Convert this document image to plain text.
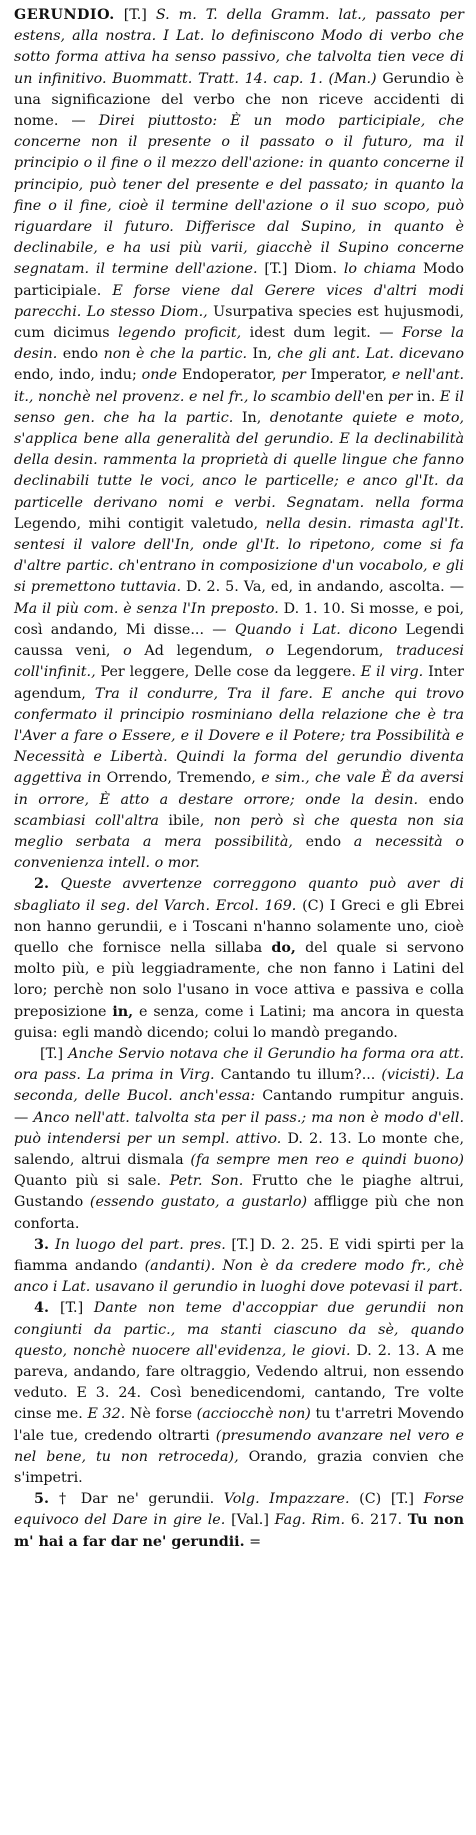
GERUNDIO. [T.] S. m. T. della Gramm. lat., passato per estens, alla nostra. I Lat. lo definiscono Modo di verbo che sotto forma attiva ha senso passivo, che talvolta tien vece di un infinitivo. Buommatt. Tratt. 14. cap. 1. (Man.) Gerundio è una significazione del verbo che non riceve accidenti di nome. — Direi piuttosto: È un modo participiale, che concerne non il presente o il passato o il futuro, ma il principio o il fine o il mezzo dell'azione: in quanto concerne il principio, può tener del presente e del passato; in quanto la fine o il fine, cioè il termine dell'azione o il suo scopo, può riguardare il futuro. Differisce dal Supino, in quanto è declinabile, e ha usi più varii, giacchè il Supino concerne segnatam. il termine dell'azione. [T.] Diom. lo chiama Modo participiale. E forse viene dal Gerere vices d'altri modi parecchi. Lo stesso Diom., Usurpativa species est hujusmodi, cum dicimus legendo proficit, idest dum legit. — Forse la desin. endo non è che la partic. In, che gli ant. Lat. dicevano endo, indo, indu; onde Endoperator, per Imperator, e nell'ant. it., nonchè nel provenz. e nel fr., lo scambio dell'en per in. E il senso gen. che ha la partic. In, denotante quiete e moto, s'applica bene alla generalità del gerundio. E la declinabilità della desin. rammenta la proprietà di quelle lingue che fanno declinabili tutte le voci, anco le particelle; e anco gl'It. da particelle derivano nomi e verbi. Segnatam. nella forma Legendo, mihi contigit valetudo, nella desin. rimasta agl'It. sentesi il valore dell'In, onde gl'It. lo ripetono, come si fa d'altre partic. ch'entrano in composizione d'un vocabolo, e gli si premettono tuttavia. D. 2. 5. Va, ed, in andando, ascolta. — Ma il più com. è senza l'In preposto. D. 1. 10. Si mosse, e poi, così andando, Mi disse... — Quando i Lat. dicono Legendi caussa veni, o Ad legendum, o Legendorum, traducesi coll'infinit., Per leggere, Delle cose da leggere. E il virg. Inter agendum, Tra il condurre, Tra il fare. E anche qui trovo confermato il principio rosminiano della relazione che è tra l'Aver a fare o Essere, e il Dovere e il Potere; tra Possibilità e Necessità e Libertà. Quindi la forma del gerundio diventa aggettiva in Orrendo, Tremendo, e sim., che vale È da aversi in orrore, È atto a destare orrore; onde la desin. endo scambiasi coll'altra ibile, non però sì che questa non sia meglio serbata a mera possibilità, endo a necessità o convenienza intell. o mor.

2. Queste avvertenze correggono quanto può aver di sbagliato il seg. del Varch. Ercol. 169. (C) I Greci e gli Ebrei non hanno gerundii, e i Toscani n'hanno solamente uno, cioè quello che fornisce nella sillaba do, del quale si servono molto più, e più leggiadramente, che non fanno i Latini del loro; perchè non solo l'usano in voce attiva e passiva e colla preposizione in, e senza, come i Latini; ma ancora in questa guisa: egli mandò dicendo; colui lo mandò pregando.

[T.] Anche Servio notava che il Gerundio ha forma ora att. ora pass. La prima in Virg. Cantando tu illum?... (vicisti). La seconda, delle Bucol. anch'essa: Cantando rumpitur anguis. — Anco nell'att. talvolta sta per il pass.; ma non è modo d'ell. può intendersi per un sempl. attivo. D. 2. 13. Lo monte che, salendo, altrui dismala (fa sempre men reo e quindi buono) Quanto più si sale. Petr. Son. Frutto che le piaghe altrui, Gustando (essendo gustato, a gustarlo) affligge più che non conforta.

3. In luogo del part. pres. [T.] D. 2. 25. E vidi spirti per la fiamma andando (andanti). Non è da credere modo fr., chè anco i Lat. usavano il gerundio in luoghi dove potevasi il part.

4. [T.] Dante non teme d'accoppiar due gerundii non congiunti da partic., ma stanti ciascuno da sè, quando questo, nonchè nuocere all'evidenza, le giovi. D. 2. 13. A me pareva, andando, fare oltraggio, Vedendo altrui, non essendo veduto. E 3. 24. Così benedicendomi, cantando, Tre volte cinse me. E 32. Nè forse (acciocchè non) tu t'arretri Movendo l'ale tue, credendo oltrarti (presumendo avanzare nel vero e nel bene, tu non retroceda), Orando, grazia convien che s'impetri.

5. † Dar ne' gerundii. Volg. Impazzare. (C) [T.] Forse equivoco del Dare in gire le. [Val.] Fag. Rim. 6. 217. Tu non m' hai a far dar ne' gerundii. =
